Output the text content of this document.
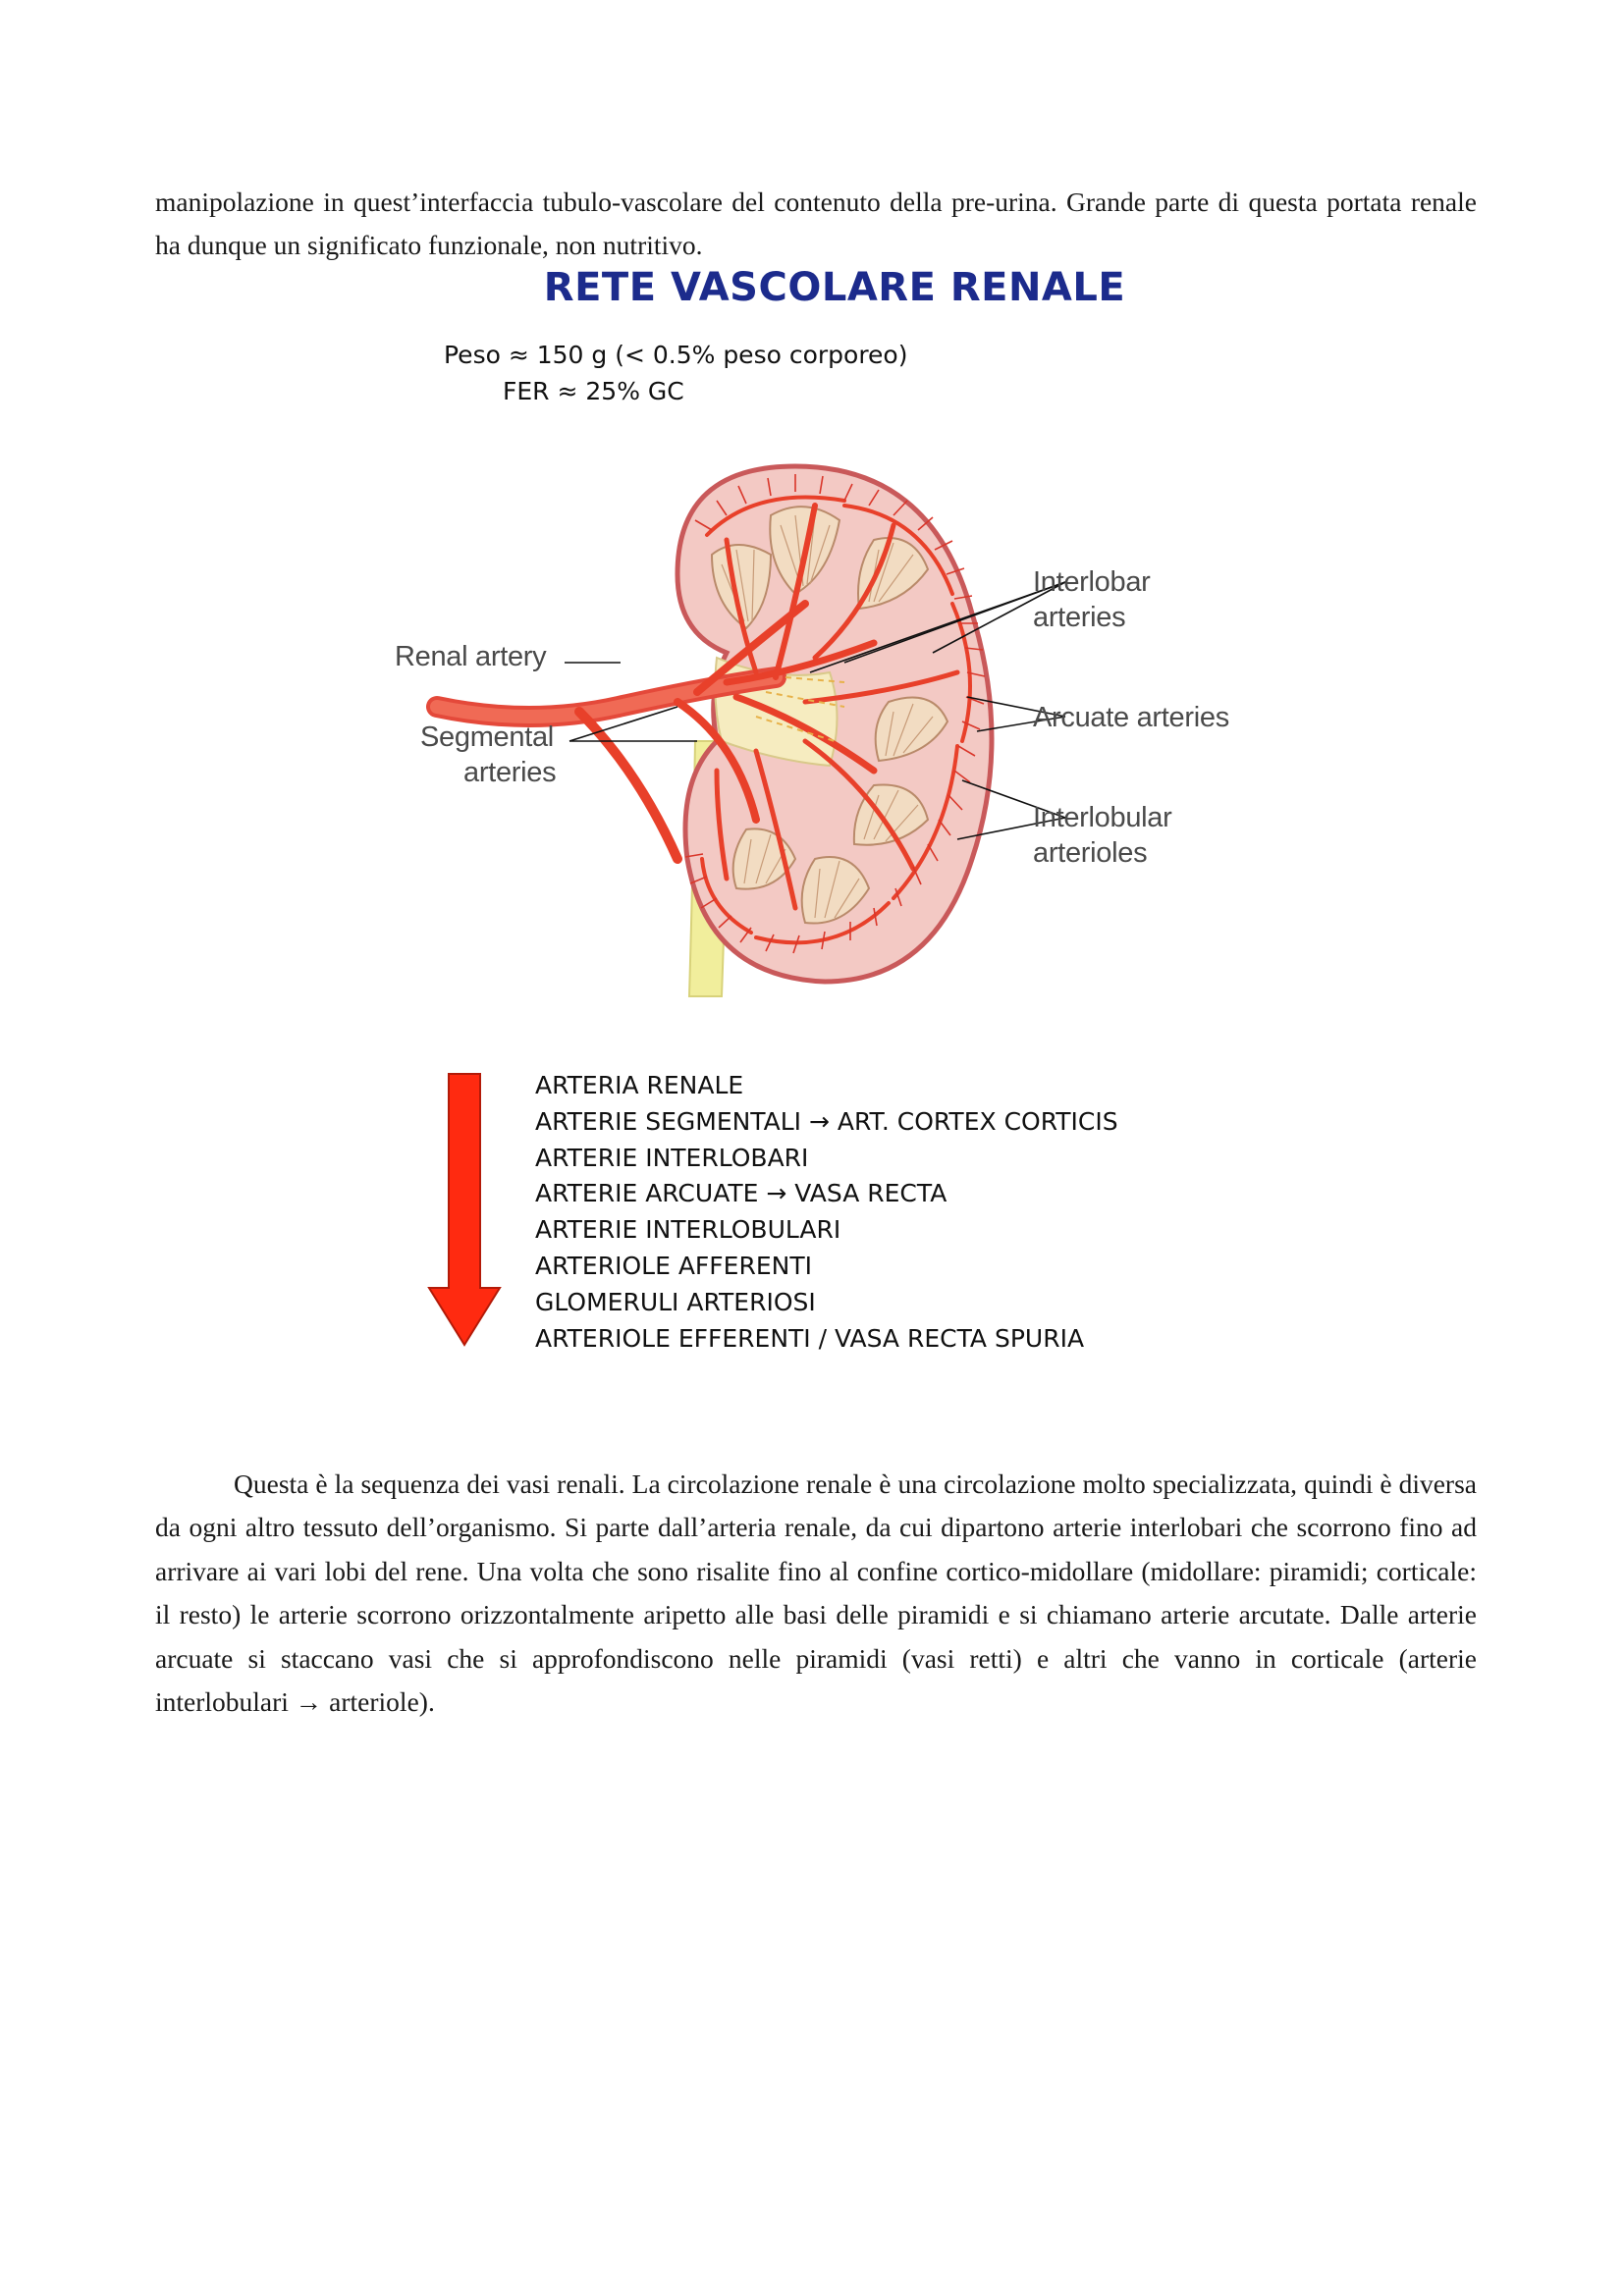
manipolazione in quest’interfaccia tubulo-vascolare del contenuto della pre-urina. Grande parte di questa portata renale ha dunque un significato funzionale, non nutritivo.

RETE VASCOLARE RENALE
Peso ≈ 150 g (< 0.5% peso corporeo)
FER ≈ 25% GC
Renal artery
Segmental
arteries
Interlobar
arteries
Arcuate arteries
Interlobular
arterioles
ARTERIA RENALE
ARTERIE SEGMENTALI → ART. CORTEX CORTICIS
ARTERIE INTERLOBARI
ARTERIE ARCUATE → VASA RECTA
ARTERIE INTERLOBULARI
ARTERIOLE AFFERENTI
GLOMERULI ARTERIOSI
ARTERIOLE EFFERENTI / VASA RECTA SPURIA

Questa è la sequenza dei vasi renali. La circolazione renale è una circolazione molto specializzata, quindi è diversa da ogni altro tessuto dell’organismo. Si parte dall’arteria renale, da cui dipartono arterie interlobari che scorrono fino ad arrivare ai vari lobi del rene. Una volta che sono risalite fino al confine cortico-midollare (midollare: piramidi; corticale: il resto) le arterie scorrono orizzontalmente aripetto alle basi delle piramidi e si chiamano arterie arcutate. Dalle arterie arcuate si staccano vasi che si approfondiscono nelle piramidi (vasi retti) e altri che vanno in corticale (arterie interlobulari → arteriole).
